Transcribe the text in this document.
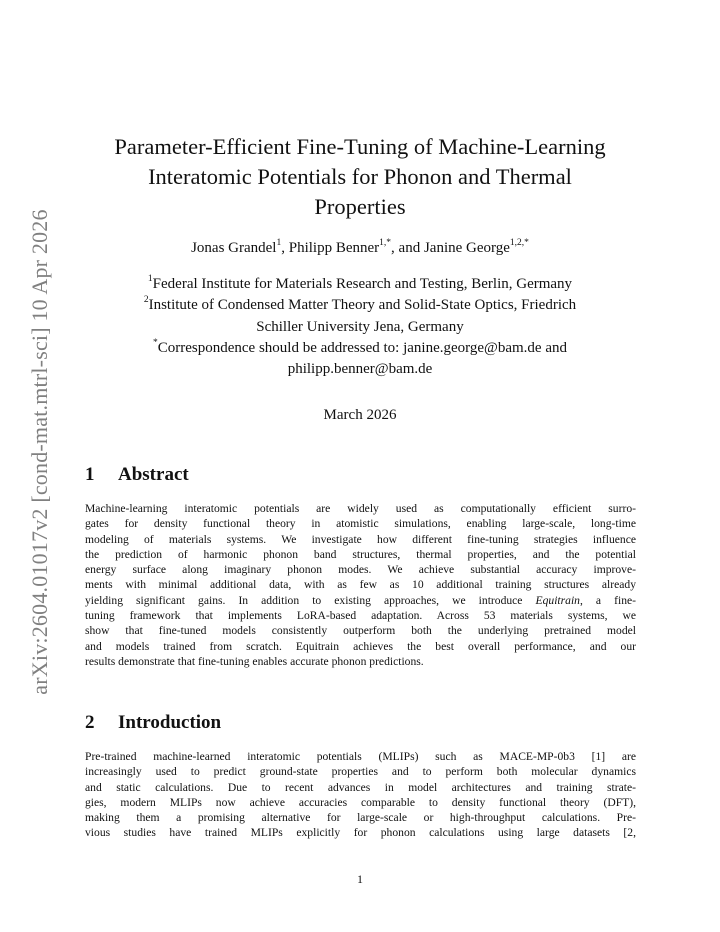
arXiv:2604.01017v2 [cond-mat.mtrl-sci] 10 Apr 2026
Parameter-Efficient Fine-Tuning of Machine-Learning
Interatomic Potentials for Phonon and Thermal
Properties
Jonas Grandel$^1$, Philipp Benner$^{1,*}$, and Janine George$^{1,2,*}$

$^1$Federal Institute for Materials Research and Testing, Berlin, Germany

$^2$Institute of Condensed Matter Theory and Solid-State Optics, Friedrich

Schiller University Jena, Germany

*Correspondence should be addressed to: janine.george@bam.de and

philipp.benner@bam.de

March 2026
1 Abstract
Machine-learning interatomic potentials are widely used as computationally efficient surro-
gates for density functional theory in atomistic simulations, enabling large-scale, long-time
modeling of materials systems. We investigate how different fine-tuning strategies influence
the prediction of harmonic phonon band structures, thermal properties, and the potential
energy surface along imaginary phonon modes. We achieve substantial accuracy improve-
ments with minimal additional data, with as few as 10 additional training structures already
yielding significant gains. In addition to existing approaches, we introduce Equitrain, a fine-
tuning framework that implements LoRA-based adaptation. Across 53 materials systems, we
show that fine-tuned models consistently outperform both the underlying pretrained model
and models trained from scratch. Equitrain achieves the best overall performance, and our
results demonstrate that fine-tuning enables accurate phonon predictions.
2 Introduction
Pre-trained machine-learned interatomic potentials (MLIPs) such as MACE-MP-0b3 [1] are
increasingly used to predict ground-state properties and to perform both molecular dynamics
and static calculations. Due to recent advances in model architectures and training strate-
gies, modern MLIPs now achieve accuracies comparable to density functional theory (DFT),
making them a promising alternative for large-scale or high-throughput calculations. Pre-
vious studies have trained MLIPs explicitly for phonon calculations using large datasets [2,
1
